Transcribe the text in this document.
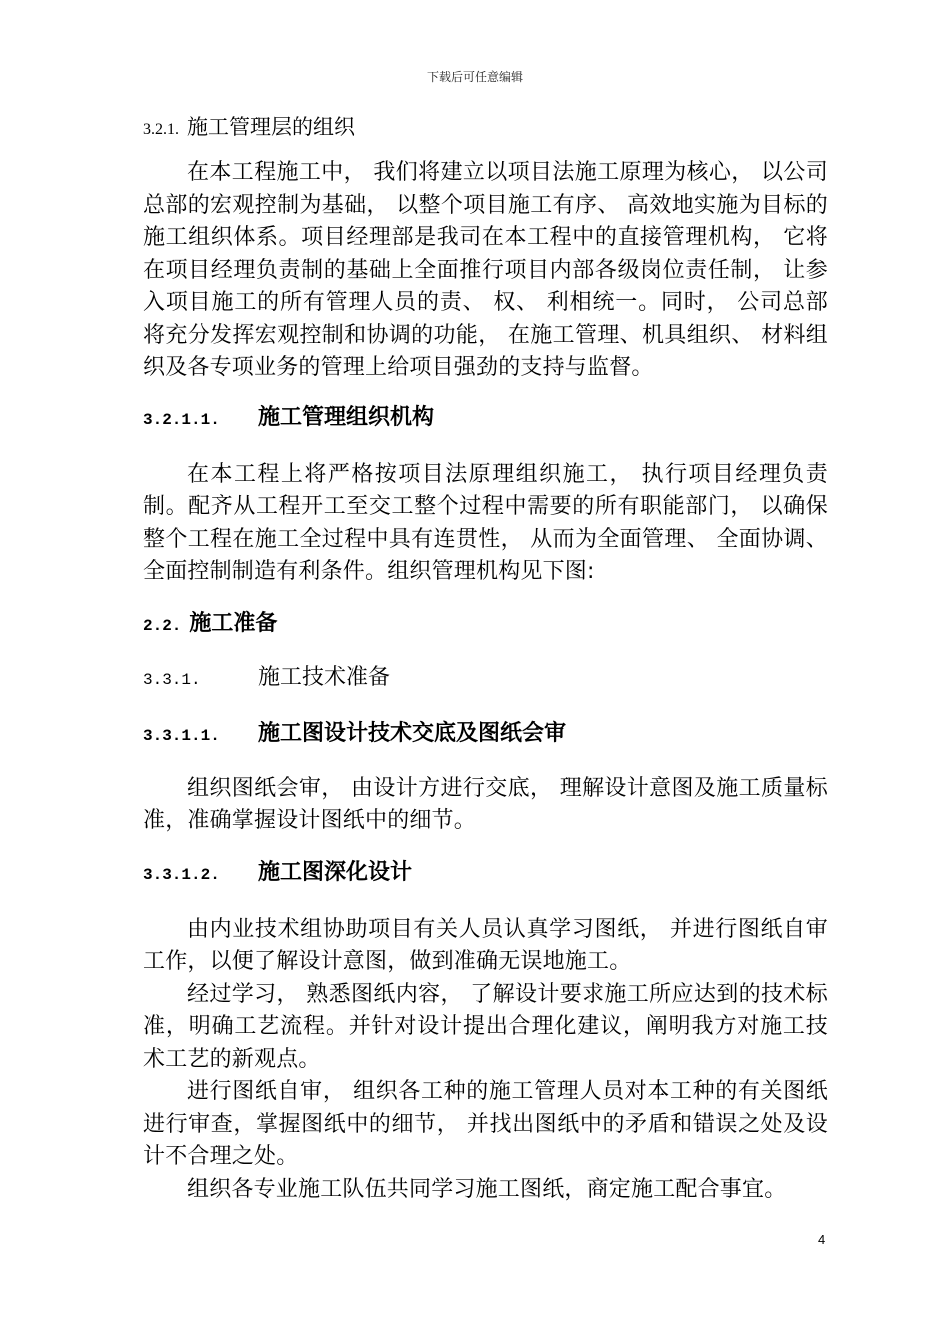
下载后可任意编辑
3.2.1. 施工管理层的组织

在本工程施工中， 我们将建立以项目法施工原理为核心， 以公司总部的宏观控制为基础， 以整个项目施工有序、 高效地实施为目标的施工组织体系。项目经理部是我司在本工程中的直接管理机构， 它将在项目经理负责制的基础上全面推行项目内部各级岗位责任制， 让参入项目施工的所有管理人员的责、 权、 利相统一。同时， 公司总部将充分发挥宏观控制和协调的功能， 在施工管理、机具组织、 材料组织及各专项业务的管理上给项目强劲的支持与监督。

3.2.1.1.	施工管理组织机构

在本工程上将严格按项目法原理组织施工， 执行项目经理负责制。配齐从工程开工至交工整个过程中需要的所有职能部门， 以确保整个工程在施工全过程中具有连贯性， 从而为全面管理、 全面协调、 全面控制制造有利条件。组织管理机构见下图:

2.2. 施工准备
3.3.1.	施工技术准备
3.3.1.1.	施工图设计技术交底及图纸会审

组织图纸会审， 由设计方进行交底， 理解设计意图及施工质量标准，准确掌握设计图纸中的细节。

3.3.1.2.	施工图深化设计

由内业技术组协助项目有关人员认真学习图纸， 并进行图纸自审工作，以便了解设计意图，做到准确无误地施工。

经过学习， 熟悉图纸内容， 了解设计要求施工所应达到的技术标准，明确工艺流程。并针对设计提出合理化建议，阐明我方对施工技术工艺的新观点。

进行图纸自审， 组织各工种的施工管理人员对本工种的有关图纸进行审查，掌握图纸中的细节， 并找出图纸中的矛盾和错误之处及设计不合理之处。

组织各专业施工队伍共同学习施工图纸，商定施工配合事宜。

4
